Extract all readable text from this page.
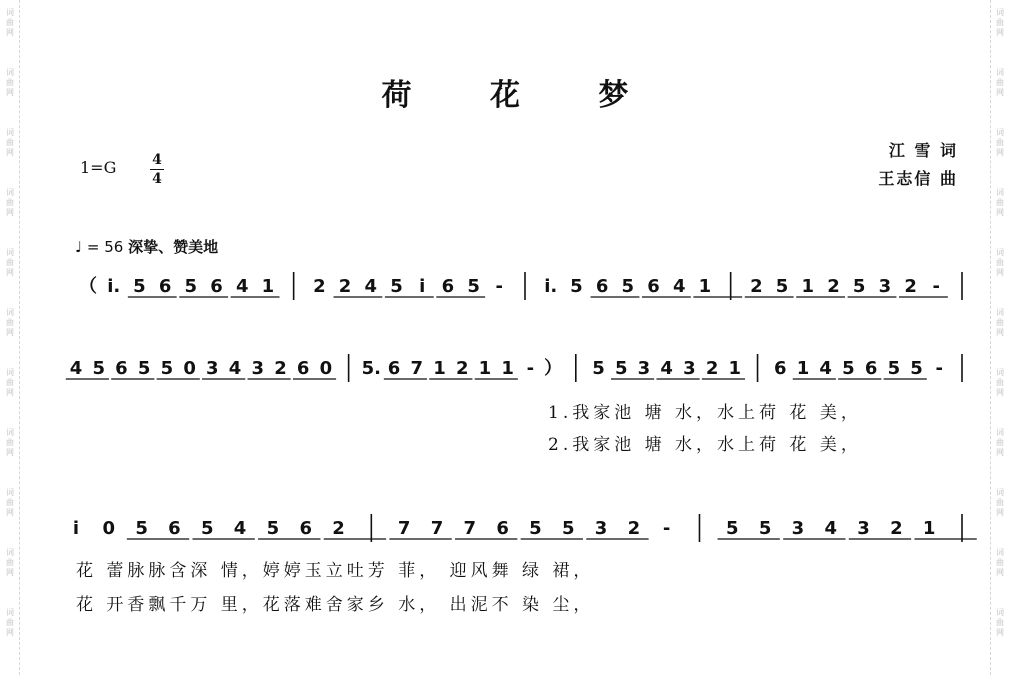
词
曲
网
词
曲
网
词
曲
网
词
曲
网
词
曲
网
词
曲
网
词
曲
网
词
曲
网
词
曲
网
词
曲
网
词
曲
网
词
曲
网
词
曲
网
词
曲
网
词
曲
网
词
曲
网
词
曲
网
词
曲
网
词
曲
网
词
曲
网
词
曲
网
词
曲
网
荷 花 梦
1=G	4
4
江 雪 词
王志信 曲
♩ = 56 深挚、赞美地
（ i. 5 6 5 6 4 1 2 2 4 5 i 6 5 - i. 5 6 5 6 4 1 2 5 1 2 5 3 2 -
4 5 6 5 5 0 3 4 3 2 6 0 5. 6 7 1 2 1 1 - ） 5 5 3 4 3 2 1 6 1 4 5 6 5 5 -
1.我家池 塘 水，水上荷 花 美，
2.我家池 塘 水，水上荷 花 美，
i 0 5 6 5 4 5 6 2	7 7 7 6 5 5 3 2 -	5 5 3 4 3 2 1
花 蕾脉脉含深 情，婷婷玉立吐芳 菲， 迎风舞 绿 裙，
花 开香飘千万 里，花落难舍家乡 水， 出泥不 染 尘，
